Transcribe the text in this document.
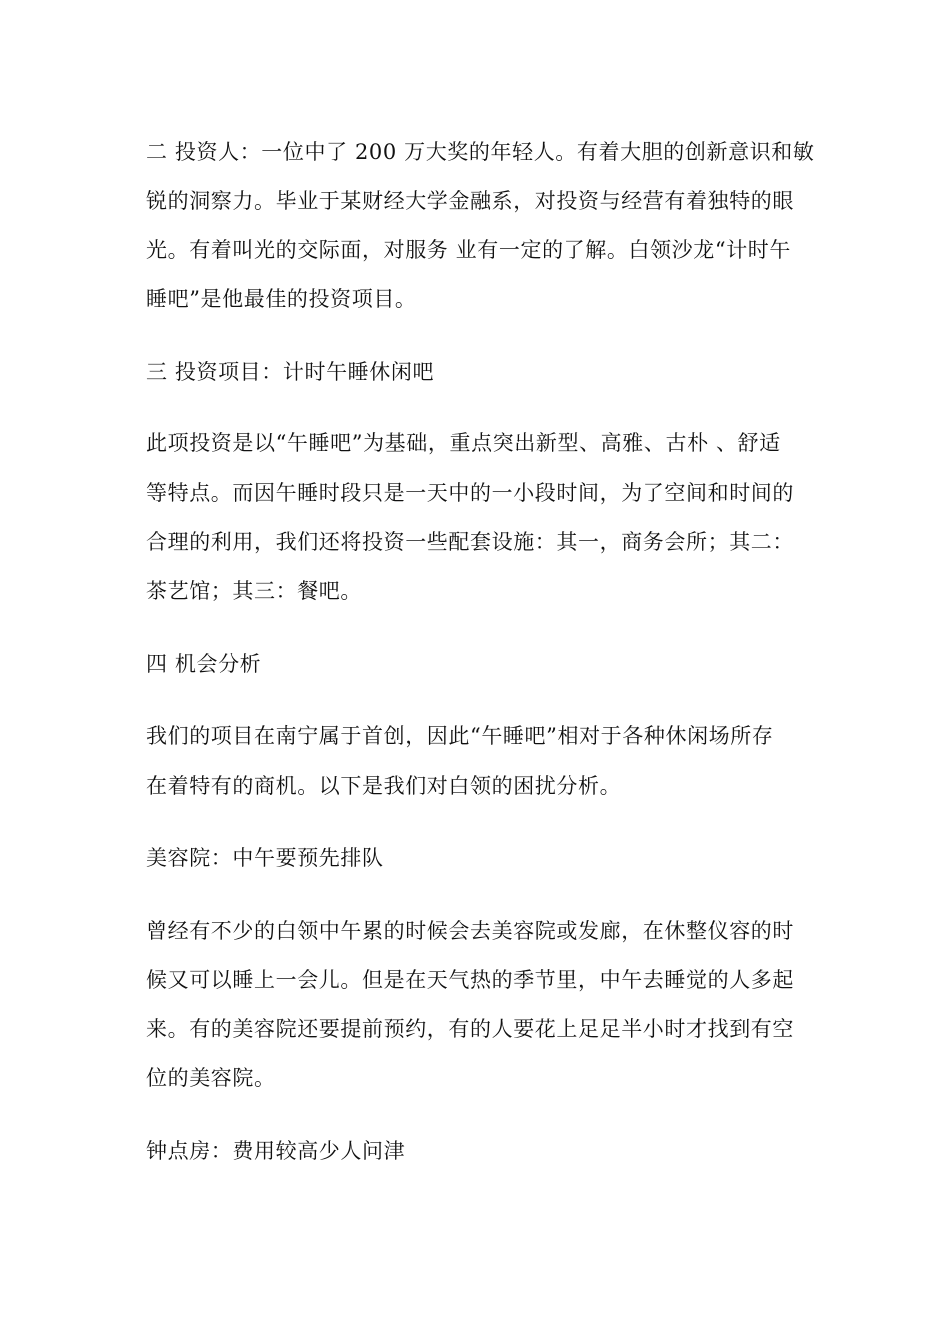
二 投资人：一位中了 200 万大奖的年轻人。有着大胆的创新意识和敏
锐的洞察力。毕业于某财经大学金融系，对投资与经营有着独特的眼
光。有着叫光的交际面，对服务 业有一定的了解。白领沙龙“计时午
睡吧”是他最佳的投资项目。
三 投资项目：计时午睡休闲吧
此项投资是以“午睡吧”为基础，重点突出新型、高雅、古朴 、舒适
等特点。而因午睡时段只是一天中的一小段时间，为了空间和时间的
合理的利用，我们还将投资一些配套设施：其一，商务会所；其二：
茶艺馆；其三：餐吧。
四 机会分析
我们的项目在南宁属于首创，因此“午睡吧”相对于各种休闲场所存
在着特有的商机。以下是我们对白领的困扰分析。
美容院：中午要预先排队
曾经有不少的白领中午累的时候会去美容院或发廊，在休整仪容的时
候又可以睡上一会儿。但是在天气热的季节里，中午去睡觉的人多起
来。有的美容院还要提前预约，有的人要花上足足半小时才找到有空
位的美容院。
钟点房：费用较高少人问津
